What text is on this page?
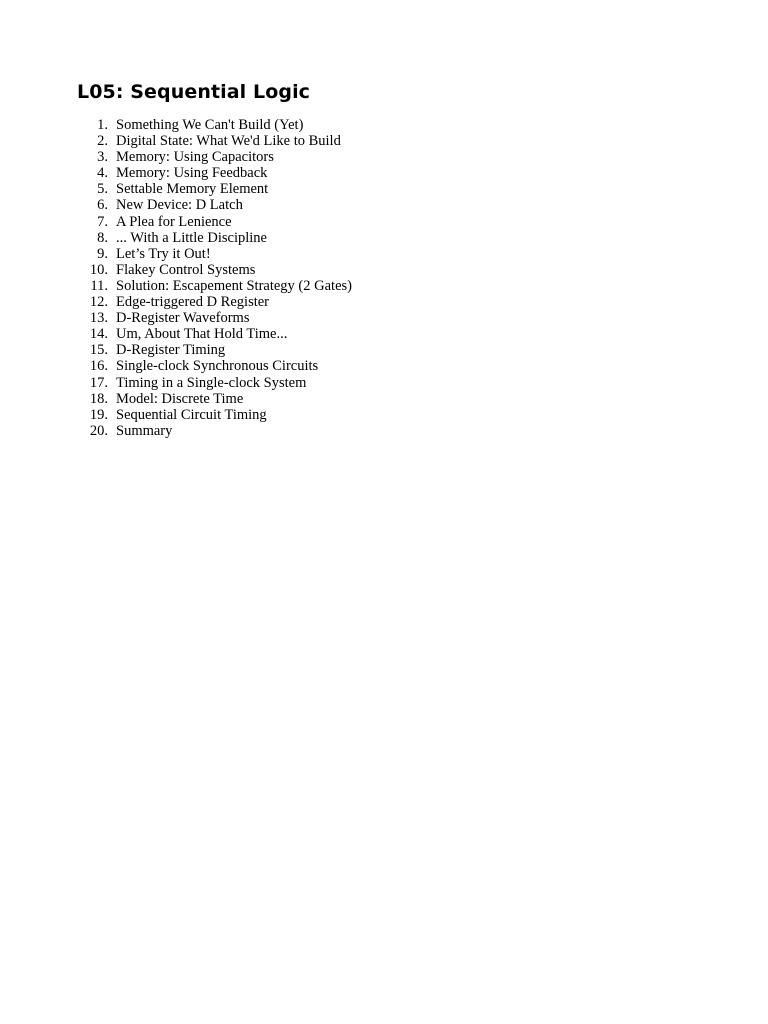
L05: Sequential Logic
1. Something We Can't Build (Yet)
2. Digital State: What We'd Like to Build
3. Memory: Using Capacitors
4. Memory: Using Feedback
5. Settable Memory Element
6. New Device: D Latch
7. A Plea for Lenience
8. ... With a Little Discipline
9. Let’s Try it Out!
10. Flakey Control Systems
11. Solution: Escapement Strategy (2 Gates)
12. Edge-triggered D Register
13. D-Register Waveforms
14. Um, About That Hold Time...
15. D-Register Timing
16. Single-clock Synchronous Circuits
17. Timing in a Single-clock System
18. Model: Discrete Time
19. Sequential Circuit Timing
20. Summary
